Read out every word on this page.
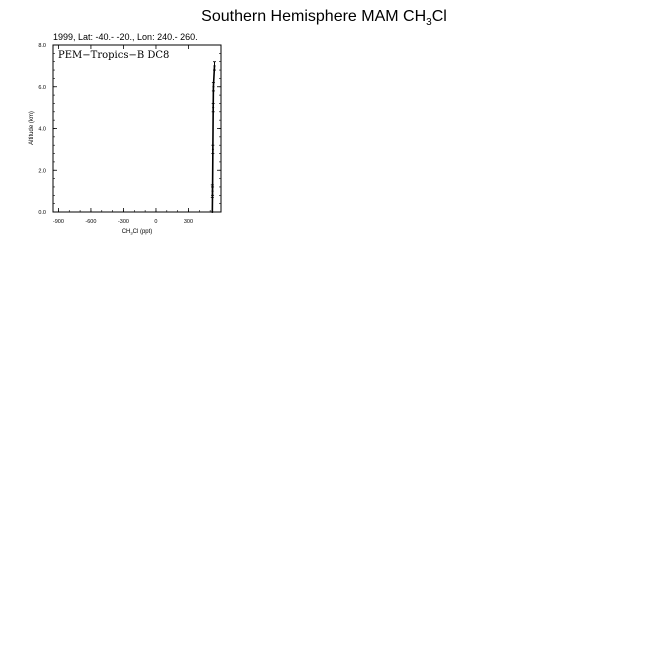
Southern Hemisphere MAM $CH_3Cl$
1999, Lat: -40.- -20., Lon: 240.- 260.
PEM−Tropics−B DC8
-900	-600	-300	0	300
0.0
2.0
4.0
6.0
8.0
$CH_3Cl$ (ppt)
Altitude (km)
